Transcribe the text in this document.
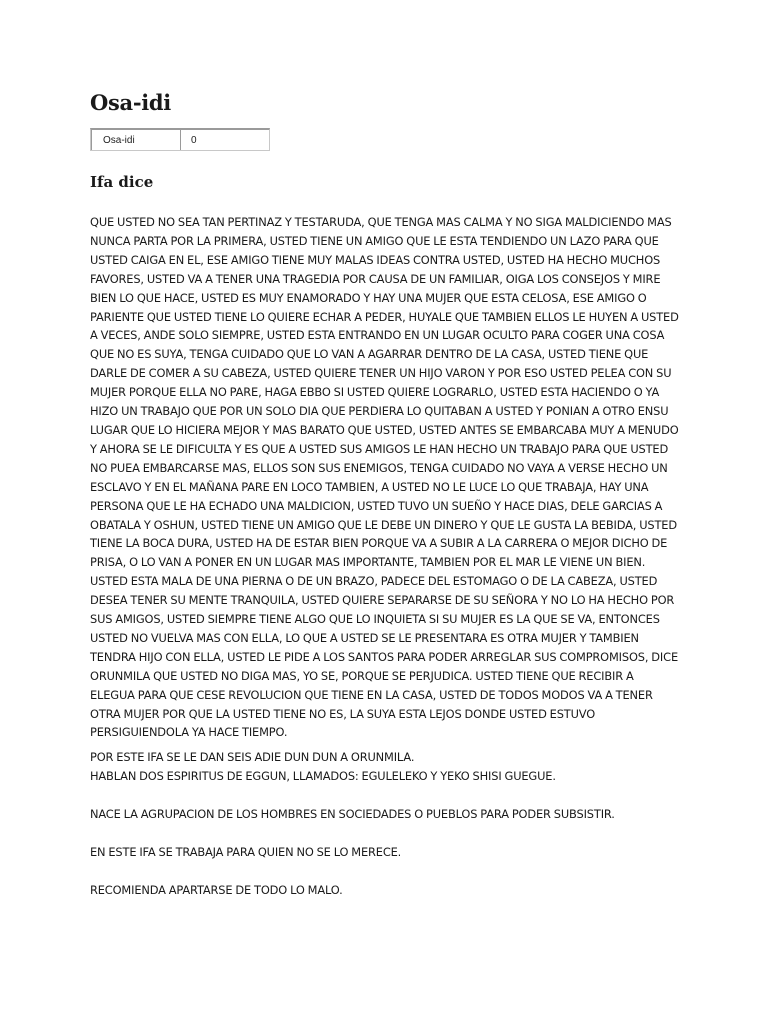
Osa-idi
Osa-idi	0
Ifa dice

QUE USTED NO SEA TAN PERTINAZ Y TESTARUDA, QUE TENGA MAS CALMA Y NO SIGA MALDICIENDO MAS NUNCA PARTA POR LA PRIMERA, USTED TIENE UN AMIGO QUE LE ESTA TENDIENDO UN LAZO PARA QUE USTED CAIGA EN EL, ESE AMIGO TIENE MUY MALAS IDEAS CONTRA USTED, USTED HA HECHO MUCHOS FAVORES, USTED VA A TENER UNA TRAGEDIA POR CAUSA DE UN FAMILIAR, OIGA LOS CONSEJOS Y MIRE BIEN LO QUE HACE, USTED ES MUY ENAMORADO Y HAY UNA MUJER QUE ESTA CELOSA, ESE AMIGO O PARIENTE QUE USTED TIENE LO QUIERE ECHAR A PEDER, HUYALE QUE TAMBIEN ELLOS LE HUYEN A USTED A VECES, ANDE SOLO SIEMPRE, USTED ESTA ENTRANDO EN UN LUGAR OCULTO PARA COGER UNA COSA QUE NO ES SUYA, TENGA CUIDADO QUE LO VAN A AGARRAR DENTRO DE LA CASA, USTED TIENE QUE DARLE DE COMER A SU CABEZA, USTED QUIERE TENER UN HIJO VARON Y POR ESO USTED PELEA CON SU MUJER PORQUE ELLA NO PARE, HAGA EBBO SI USTED QUIERE LOGRARLO, USTED ESTA HACIENDO O YA HIZO UN TRABAJO QUE POR UN SOLO DIA QUE PERDIERA LO QUITABAN A USTED Y PONIAN A OTRO ENSU LUGAR QUE LO HICIERA MEJOR Y MAS BARATO QUE USTED, USTED ANTES SE EMBARCABA MUY A MENUDO Y AHORA SE LE DIFICULTA Y ES QUE A USTED SUS AMIGOS LE HAN HECHO UN TRABAJO PARA QUE USTED NO PUEA EMBARCARSE MAS, ELLOS SON SUS ENEMIGOS, TENGA CUIDADO NO VAYA A VERSE HECHO UN ESCLAVO Y EN EL MAÑANA PARE EN LOCO TAMBIEN, A USTED NO LE LUCE LO QUE TRABAJA, HAY UNA PERSONA QUE LE HA ECHADO UNA MALDICION, USTED TUVO UN SUEÑO Y HACE DIAS, DELE GARCIAS A OBATALA Y OSHUN, USTED TIENE UN AMIGO QUE LE DEBE UN DINERO Y QUE LE GUSTA LA BEBIDA, USTED TIENE LA BOCA DURA, USTED HA DE ESTAR BIEN PORQUE VA A SUBIR A LA CARRERA O MEJOR DICHO DE PRISA, O LO VAN A PONER EN UN LUGAR MAS IMPORTANTE, TAMBIEN POR EL MAR LE VIENE UN BIEN. USTED ESTA MALA DE UNA PIERNA O DE UN BRAZO, PADECE DEL ESTOMAGO O DE LA CABEZA, USTED DESEA TENER SU MENTE TRANQUILA, USTED QUIERE SEPARARSE DE SU SEÑORA Y NO LO HA HECHO POR SUS AMIGOS, USTED SIEMPRE TIENE ALGO QUE LO INQUIETA SI SU MUJER ES LA QUE SE VA, ENTONCES USTED NO VUELVA MAS CON ELLA, LO QUE A USTED SE LE PRESENTARA ES OTRA MUJER Y TAMBIEN TENDRA HIJO CON ELLA, USTED LE PIDE A LOS SANTOS PARA PODER ARREGLAR SUS COMPROMISOS, DICE ORUNMILA QUE USTED NO DIGA MAS, YO SE, PORQUE SE PERJUDICA. USTED TIENE QUE RECIBIR A ELEGUA PARA QUE CESE REVOLUCION QUE TIENE EN LA CASA, USTED DE TODOS MODOS VA A TENER OTRA MUJER POR QUE LA USTED TIENE NO ES, LA SUYA ESTA LEJOS DONDE USTED ESTUVO PERSIGUIENDOLA YA HACE TIEMPO.

POR ESTE IFA SE LE DAN SEIS ADIE DUN DUN A ORUNMILA.

HABLAN DOS ESPIRITUS DE EGGUN, LLAMADOS: EGULELEKO Y YEKO SHISI GUEGUE.

NACE LA AGRUPACION DE LOS HOMBRES EN SOCIEDADES O PUEBLOS PARA PODER SUBSISTIR.

EN ESTE IFA SE TRABAJA PARA QUIEN NO SE LO MERECE.

RECOMIENDA APARTARSE DE TODO LO MALO.
